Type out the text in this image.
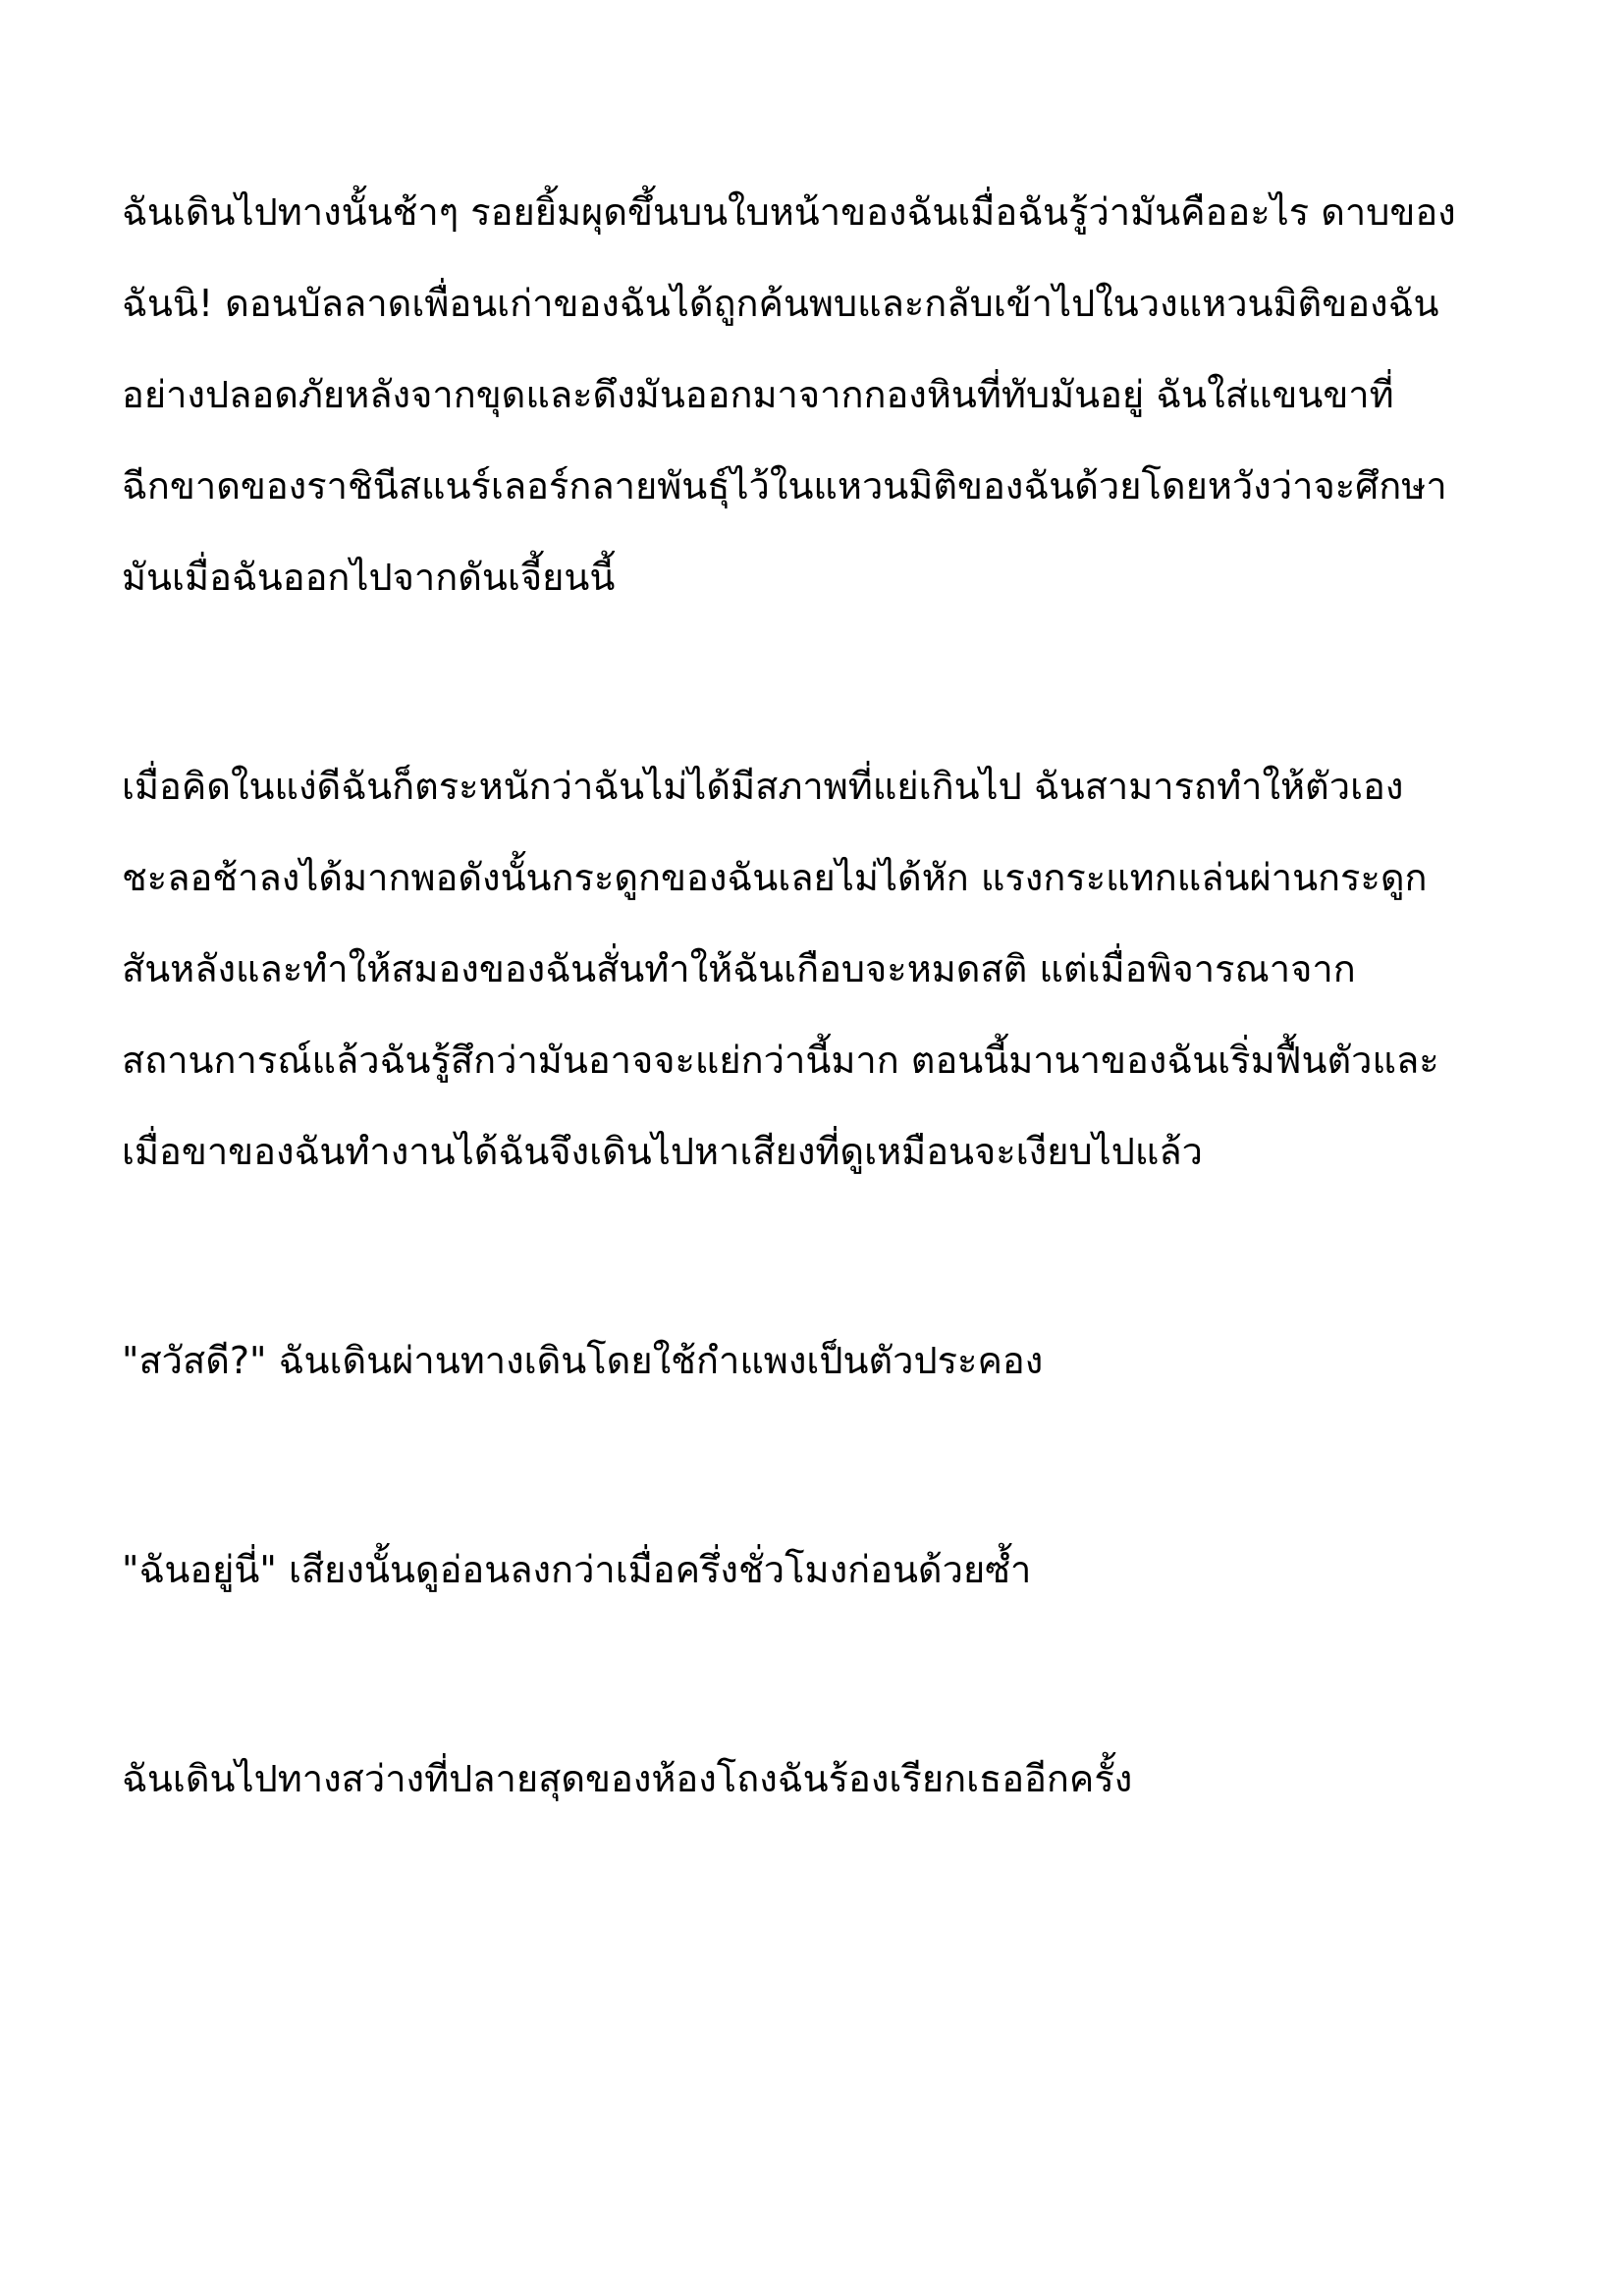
ฉันเดินไปทางนั้นช้าๆ รอยยิ้มผุดขึ้นบนใบหน้าของฉันเมื่อฉันรู้ว่ามันคืออะไร ดาบของ
ฉันนิ! ดอนบัลลาดเพื่อนเก่าของฉันได้ถูกค้นพบและกลับเข้าไปในวงแหวนมิติของฉัน
อย่างปลอดภัยหลังจากขุดและดึงมันออกมาจากกองหินที่ทับมันอยู่ ฉันใส่แขนขาที่
ฉีกขาดของราชินีสแนร์เลอร์กลายพันธุ์ไว้ในแหวนมิติของฉันด้วยโดยหวังว่าจะศึกษา
มันเมื่อฉันออกไปจากดันเจี้ยนนี้
เมื่อคิดในแง่ดีฉันก็ตระหนักว่าฉันไม่ได้มีสภาพที่แย่เกินไป ฉันสามารถทำให้ตัวเอง
ชะลอช้าลงได้มากพอดังนั้นกระดูกของฉันเลยไม่ได้หัก แรงกระแทกแล่นผ่านกระดูก
สันหลังและทำให้สมองของฉันสั่นทำให้ฉันเกือบจะหมดสติ แต่เมื่อพิจารณาจาก
สถานการณ์แล้วฉันรู้สึกว่ามันอาจจะแย่กว่านี้มาก ตอนนี้มานาของฉันเริ่มฟื้นตัวและ
เมื่อขาของฉันทำงานได้ฉันจึงเดินไปหาเสียงที่ดูเหมือนจะเงียบไปแล้ว
"สวัสดี?" ฉันเดินผ่านทางเดินโดยใช้กำแพงเป็นตัวประคอง
"ฉันอยู่นี่" เสียงนั้นดูอ่อนลงกว่าเมื่อครึ่งชั่วโมงก่อนด้วยซ้ำ
ฉันเดินไปทางสว่างที่ปลายสุดของห้องโถงฉันร้องเรียกเธออีกครั้ง
